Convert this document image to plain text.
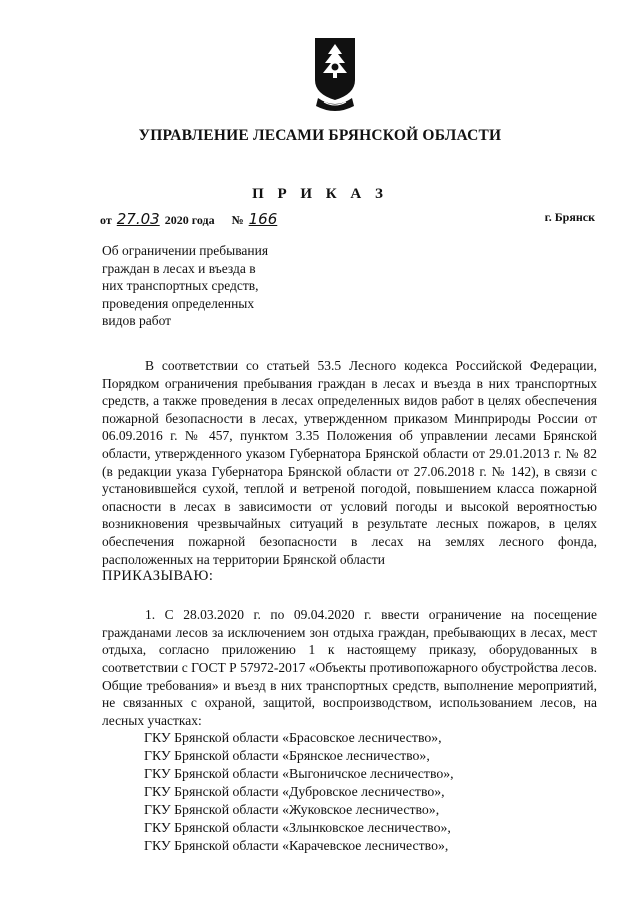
УПРАВЛЕНИЕ ЛЕСАМИ БРЯНСКОЙ ОБЛАСТИ
П Р И К А З
от 27.03 2020 года № 166	г. Брянск
Об ограничении пребывания
граждан в лесах и въезда в
них транспортных средств,
проведения определенных
видов работ

В соответствии со статьей 53.5 Лесного кодекса Российской Федерации, Порядком ограничения пребывания граждан в лесах и въезда в них транспортных средств, а также проведения в лесах определенных видов работ в целях обеспечения пожарной безопасности в лесах, утвержденном приказом Минприроды России от 06.09.2016 г. № 457, пунктом 3.35 Положения об управлении лесами Брянской области, утвержденного указом Губернатора Брянской области от 29.01.2013 г. № 82 (в редакции указа Губернатора Брянской области от 27.06.2018 г. № 142), в связи с установившейся сухой, теплой и ветреной погодой, повышением класса пожарной опасности в лесах в зависимости от условий погоды и высокой вероятностью возникновения чрезвычайных ситуаций в результате лесных пожаров, в целях обеспечения пожарной безопасности в лесах на землях лесного фонда, расположенных на территории Брянской области

ПРИКАЗЫВАЮ:

1. С 28.03.2020 г. по 09.04.2020 г. ввести ограничение на посещение гражданами лесов за исключением зон отдыха граждан, пребывающих в лесах, мест отдыха, согласно приложению 1 к настоящему приказу, оборудованных в соответствии с ГОСТ Р 57972-2017 «Объекты противопожарного обустройства лесов. Общие требования» и въезд в них транспортных средств, выполнение мероприятий, не связанных с охраной, защитой, воспроизводством, использованием лесов, на лесных участках:

ГКУ Брянской области «Брасовское лесничество»,
ГКУ Брянской области «Брянское лесничество»,
ГКУ Брянской области «Выгоничское лесничество»,
ГКУ Брянской области «Дубровское лесничество»,
ГКУ Брянской области «Жуковское лесничество»,
ГКУ Брянской области «Злынковское лесничество»,
ГКУ Брянской области «Карачевское лесничество»,
